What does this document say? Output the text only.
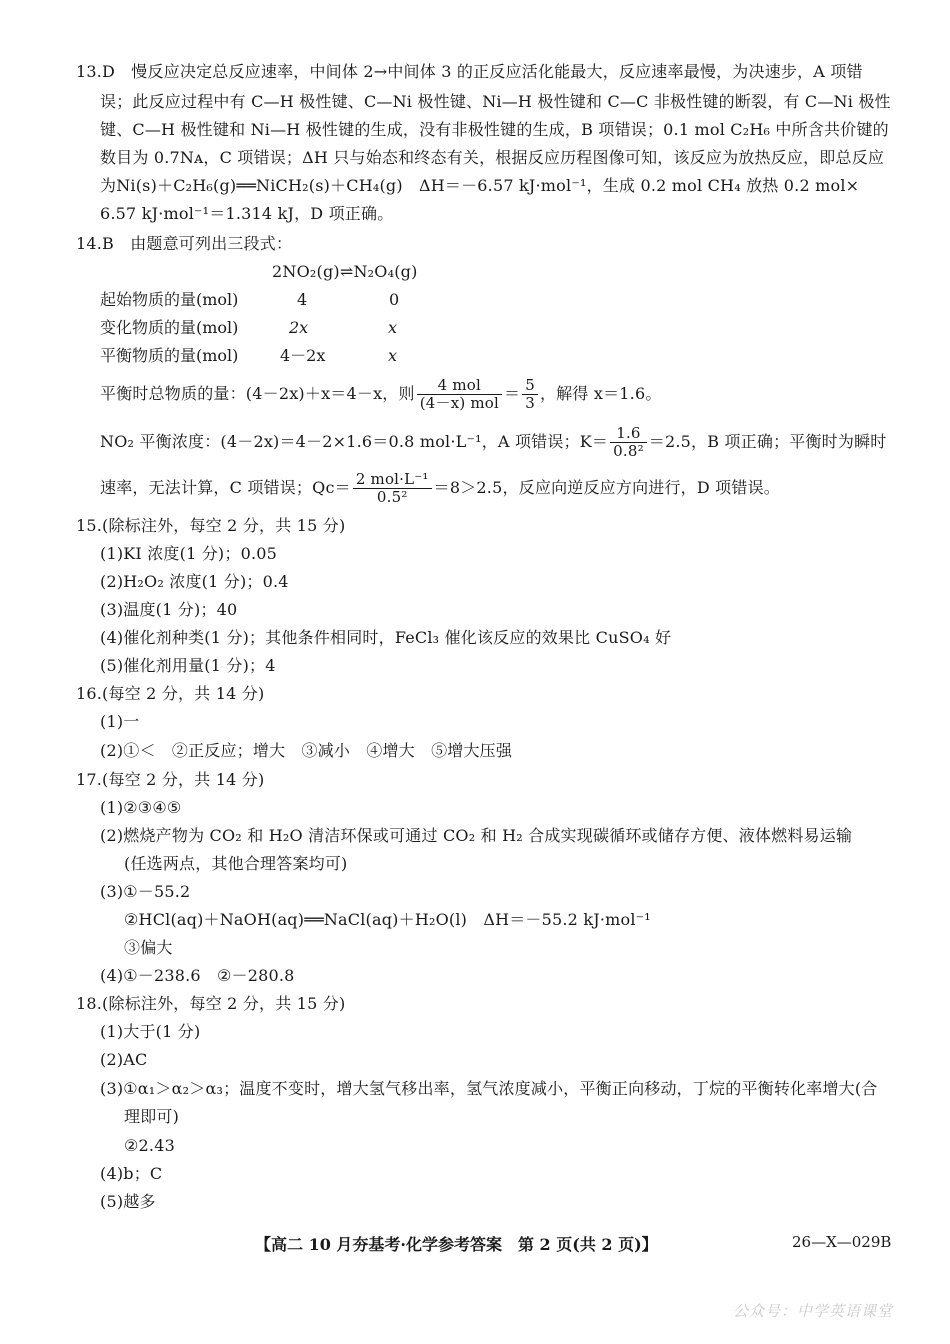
13.D　慢反应决定总反应速率，中间体 2→中间体 3 的正反应活化能最大，反应速率最慢，为决速步，A 项错
误；此反应过程中有 C—H 极性键、C—Ni 极性键、Ni—H 极性键和 C—C 非极性键的断裂，有 C—Ni 极性
键、C—H 极性键和 Ni—H 极性键的生成，没有非极性键的生成，B 项错误；0.1 mol C₂H₆ 中所含共价键的
数目为 0.7Nᴀ，C 项错误；ΔH 只与始态和终态有关，根据反应历程图像可知，该反应为放热反应，即总反应
为Ni(s)＋C₂H₆(g)══NiCH₂(s)＋CH₄(g)　ΔH＝－6.57 kJ·mol⁻¹，生成 0.2 mol CH₄ 放热 0.2 mol×
6.57 kJ·mol⁻¹＝1.314 kJ，D 项正确。
14.B　由题意可列出三段式：
2NO₂(g)⇌N₂O₄(g)
起始物质的量(mol)	4	0
变化物质的量(mol)	2x	x
平衡物质的量(mol)	4－2x	x
平衡时总物质的量：(4－2x)＋x＝4－x，则 $\frac{\text{4 mol}}{\text{(4－x) mol}} = \frac{5}{3}$ ，解得 x＝1.6。
NO₂ 平衡浓度：(4－2x)＝4－2×1.6＝0.8 mol·L⁻¹，A 项错误；$K= \frac{1.6}{\text{0.8²}} =2.5$，B 项正确；平衡时为瞬时
速率，无法计算，C 项错误；$Qc= \frac{\text{2 mol·L⁻¹}}{\text{0.5²}} =8>2.5$，反应向逆反应方向进行，D 项错误。
15.(除标注外，每空 2 分，共 15 分)
(1)KI 浓度(1 分)；0.05
(2)H₂O₂ 浓度(1 分)；0.4
(3)温度(1 分)；40
(4)催化剂种类(1 分)；其他条件相同时，FeCl₃ 催化该反应的效果比 CuSO₄ 好
(5)催化剂用量(1 分)；4
16.(每空 2 分，共 14 分)
(1)一
(2)①＜　②正反应；增大　③减小　④增大　⑤增大压强
17.(每空 2 分，共 14 分)
(1)②③④⑤
(2)燃烧产物为 CO₂ 和 H₂O 清洁环保或可通过 CO₂ 和 H₂ 合成实现碳循环或储存方便、液体燃料易运输
(任选两点，其他合理答案均可)
(3)①－55.2
②HCl(aq)＋NaOH(aq)══NaCl(aq)＋H₂O(l)　ΔH＝－55.2 kJ·mol⁻¹
③偏大
(4)①－238.6　②－280.8
18.(除标注外，每空 2 分，共 15 分)
(1)大于(1 分)
(2)AC
(3)①α₁＞α₂＞α₃；温度不变时，增大氢气移出率，氢气浓度减小，平衡正向移动，丁烷的平衡转化率增大(合
理即可)
②2.43
(4)b；C
(5)越多
【高二 10 月夯基考·化学参考答案　第 2 页(共 2 页)】	26—X—029B
公众号：中学英语课堂
